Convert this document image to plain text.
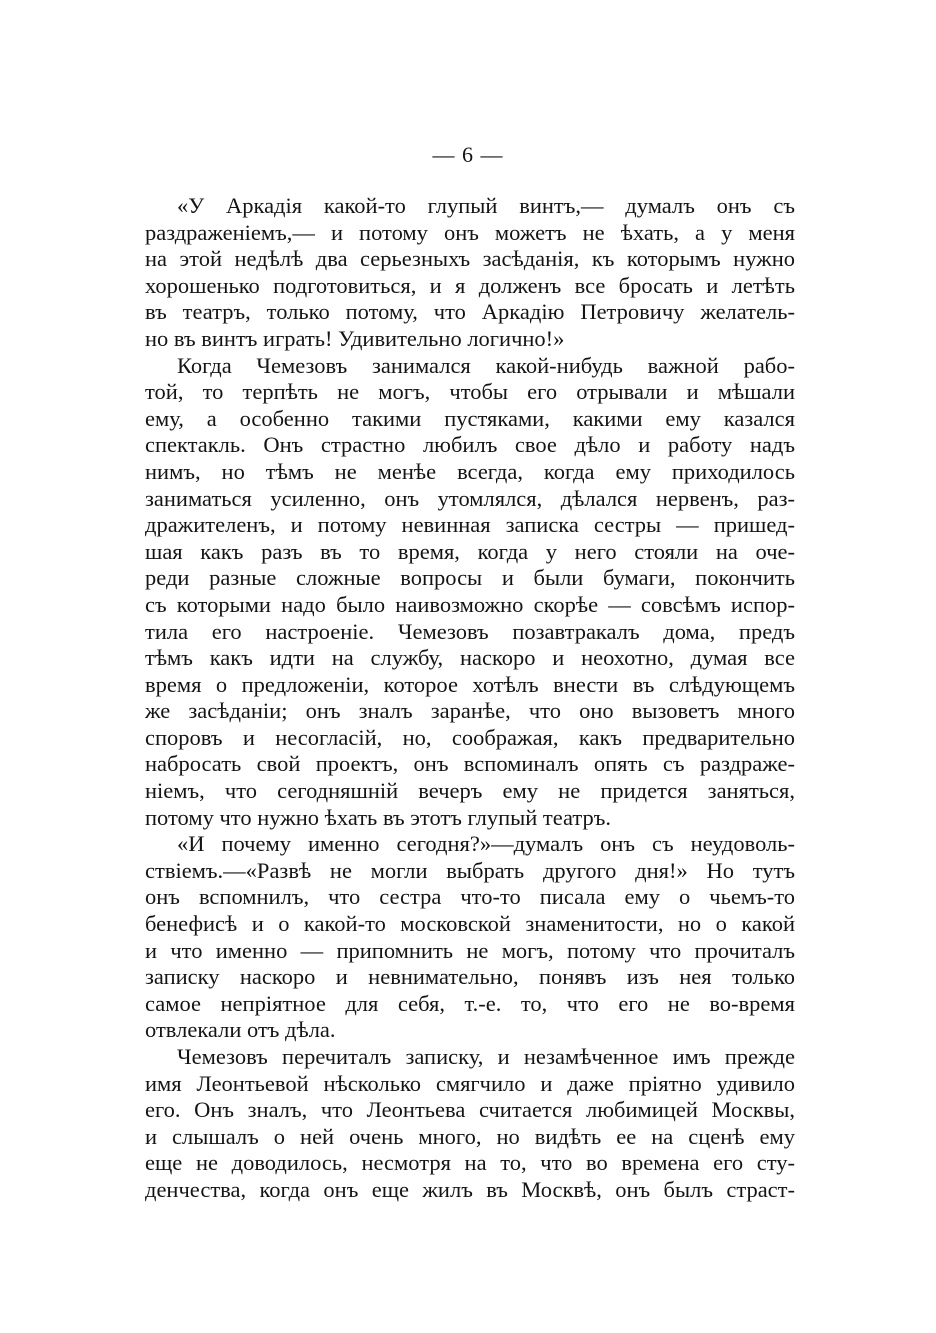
— 6 —
«У Аркадія какой-то глупый винтъ,— думалъ онъ съ
раздраженіемъ,— и потому онъ можетъ не ѣхать, а у меня
на этой недѣлѣ два серьезныхъ засѣданія, къ которымъ нужно
хорошенько подготовиться, и я долженъ все бросать и летѣть
въ театръ, только потому, что Аркадію Петровичу желатель-
но въ винтъ играть! Удивительно логично!»
Когда Чемезовъ занимался какой-нибудь важной рабо-
той, то терпѣть не могъ, чтобы его отрывали и мѣшали
ему, а особенно такими пустяками, какими ему казался
спектакль. Онъ страстно любилъ свое дѣло и работу надъ
нимъ, но тѣмъ не менѣе всегда, когда ему приходилось
заниматься усиленно, онъ утомлялся, дѣлался нервенъ, раз-
дражителенъ, и потому невинная записка сестры — пришед-
шая какъ разъ въ то время, когда у него стояли на оче-
реди разные сложные вопросы и были бумаги, покончить
съ которыми надо было наивозможно скорѣе — совсѣмъ испор-
тила его настроеніе. Чемезовъ позавтракалъ дома, предъ
тѣмъ какъ идти на службу, наскоро и неохотно, думая все
время о предложеніи, которое хотѣлъ внести въ слѣдующемъ
же засѣданіи; онъ зналъ заранѣе, что оно вызоветъ много
споровъ и несогласій, но, соображая, какъ предварительно
набросать свой проектъ, онъ вспоминалъ опять съ раздраже-
ніемъ, что сегодняшній вечеръ ему не придется заняться,
потому что нужно ѣхать въ этотъ глупый театръ.
«И почему именно сегодня?»—думалъ онъ съ неудоволь-
ствіемъ.—«Развѣ не могли выбрать другого дня!» Но тутъ
онъ вспомнилъ, что сестра что-то писала ему о чьемъ-то
бенефисѣ и о какой-то московской знаменитости, но о какой
и что именно — припомнить не могъ, потому что прочиталъ
записку наскоро и невнимательно, понявъ изъ нея только
самое непріятное для себя, т.-е. то, что его не во-время
отвлекали отъ дѣла.
Чемезовъ перечиталъ записку, и незамѣченное имъ прежде
имя Леонтьевой нѣсколько смягчило и даже пріятно удивило
его. Онъ зналъ, что Леонтьева считается любимицей Москвы,
и слышалъ о ней очень много, но видѣть ее на сценѣ ему
еще не доводилось, несмотря на то, что во времена его сту-
денчества, когда онъ еще жилъ въ Москвѣ, онъ былъ страст-
